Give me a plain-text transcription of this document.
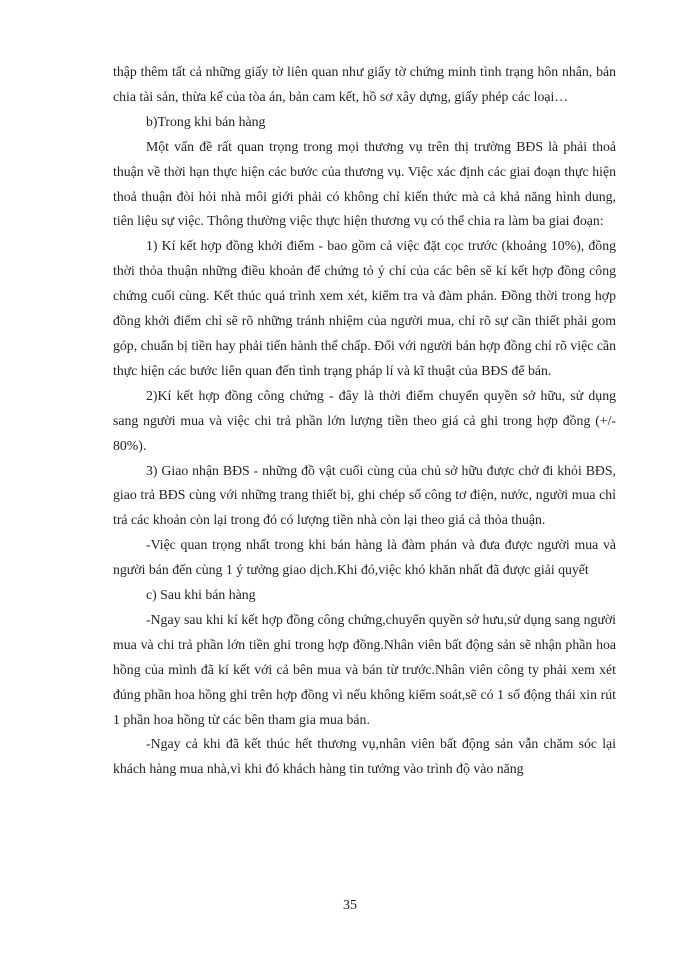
thập thêm tất cả những giấy tờ liên quan như giấy tờ chứng minh tình trạng hôn nhân, bản chia tài sản, thừa kế của tòa án, bản cam kết, hồ sơ xây dựng, giấy phép các loại…

b)Trong khi bán hàng

Một vấn đề rất quan trọng trong mọi thương vụ trên thị trường BĐS là phải thoả thuận về thời hạn thực hiện các bước của thương vụ. Việc xác định các giai đoạn thực hiện thoả thuận đòi hỏi nhà môi giới phải có không chỉ kiến thức mà cả khả năng hình dung, tiên liệu sự việc. Thông thường việc thực hiện thương vụ có thể chia ra làm ba giai đoạn:

1) Kí kết hợp đồng khởi điểm - bao gồm cả việc đặt cọc trước (khoảng 10%), đồng thời thỏa thuận những điều khoản để chứng tỏ ý chí của các bên sẽ kí kết hợp đồng công chứng cuối cùng. Kết thúc quá trình xem xét, kiểm tra và đàm phán. Đồng thời trong hợp đồng khởi điểm chỉ sẽ rõ những tránh nhiệm của người mua, chỉ rõ sự cần thiết phải gom góp, chuẩn bị tiền hay phải tiến hành thế chấp. Đối với người bán hợp đồng chỉ rõ việc cần thực hiện các bước liên quan đến tình trạng pháp lí và kĩ thuật của BĐS để bán.

2)Kí kết hợp đồng công chứng - đây là thời điểm chuyển quyền sở hữu, sử dụng sang người mua và việc chi trả phần lớn lượng tiền theo giá cả ghi trong hợp đồng (+/- 80%).

3) Giao nhận BĐS - những đồ vật cuối cùng của chủ sở hữu được chở đi khỏi BĐS, giao trả BĐS cùng với những trang thiết bị, ghi chép số công tơ điện, nước, người mua chỉ trả các khoản còn lại trong đó có lượng tiền nhà còn lại theo giá cả thỏa thuận.

-Việc quan trọng nhất trong khi bán hàng là đàm phán và đưa được người mua và người bán đến cùng 1 ý tưởng giao dịch.Khi đó,việc khó khăn nhất đã được giải quyết

c) Sau khi bán hàng

-Ngay sau khi kí kết hợp đồng công chứng,chuyển quyền sở hưu,sử dụng sang người mua và chi trả phần lớn tiền ghi trong hợp đồng.Nhân viên bất động sản sẽ nhận phần hoa hồng của mình đã kí kết với cả bên mua và bán từ trước.Nhân viên công ty phải xem xét đúng phần hoa hồng ghi trên hợp đồng vì nếu không kiểm soát,sẽ có 1 số động thái xin rút 1 phần hoa hồng từ các bên tham gia mua bán.

-Ngay cả khi đã kết thúc hết thương vụ,nhân viên bất động sản vẫn chăm sóc lại khách hàng mua nhà,vì khi đó khách hàng tin tưởng vào trình độ vào năng

35
